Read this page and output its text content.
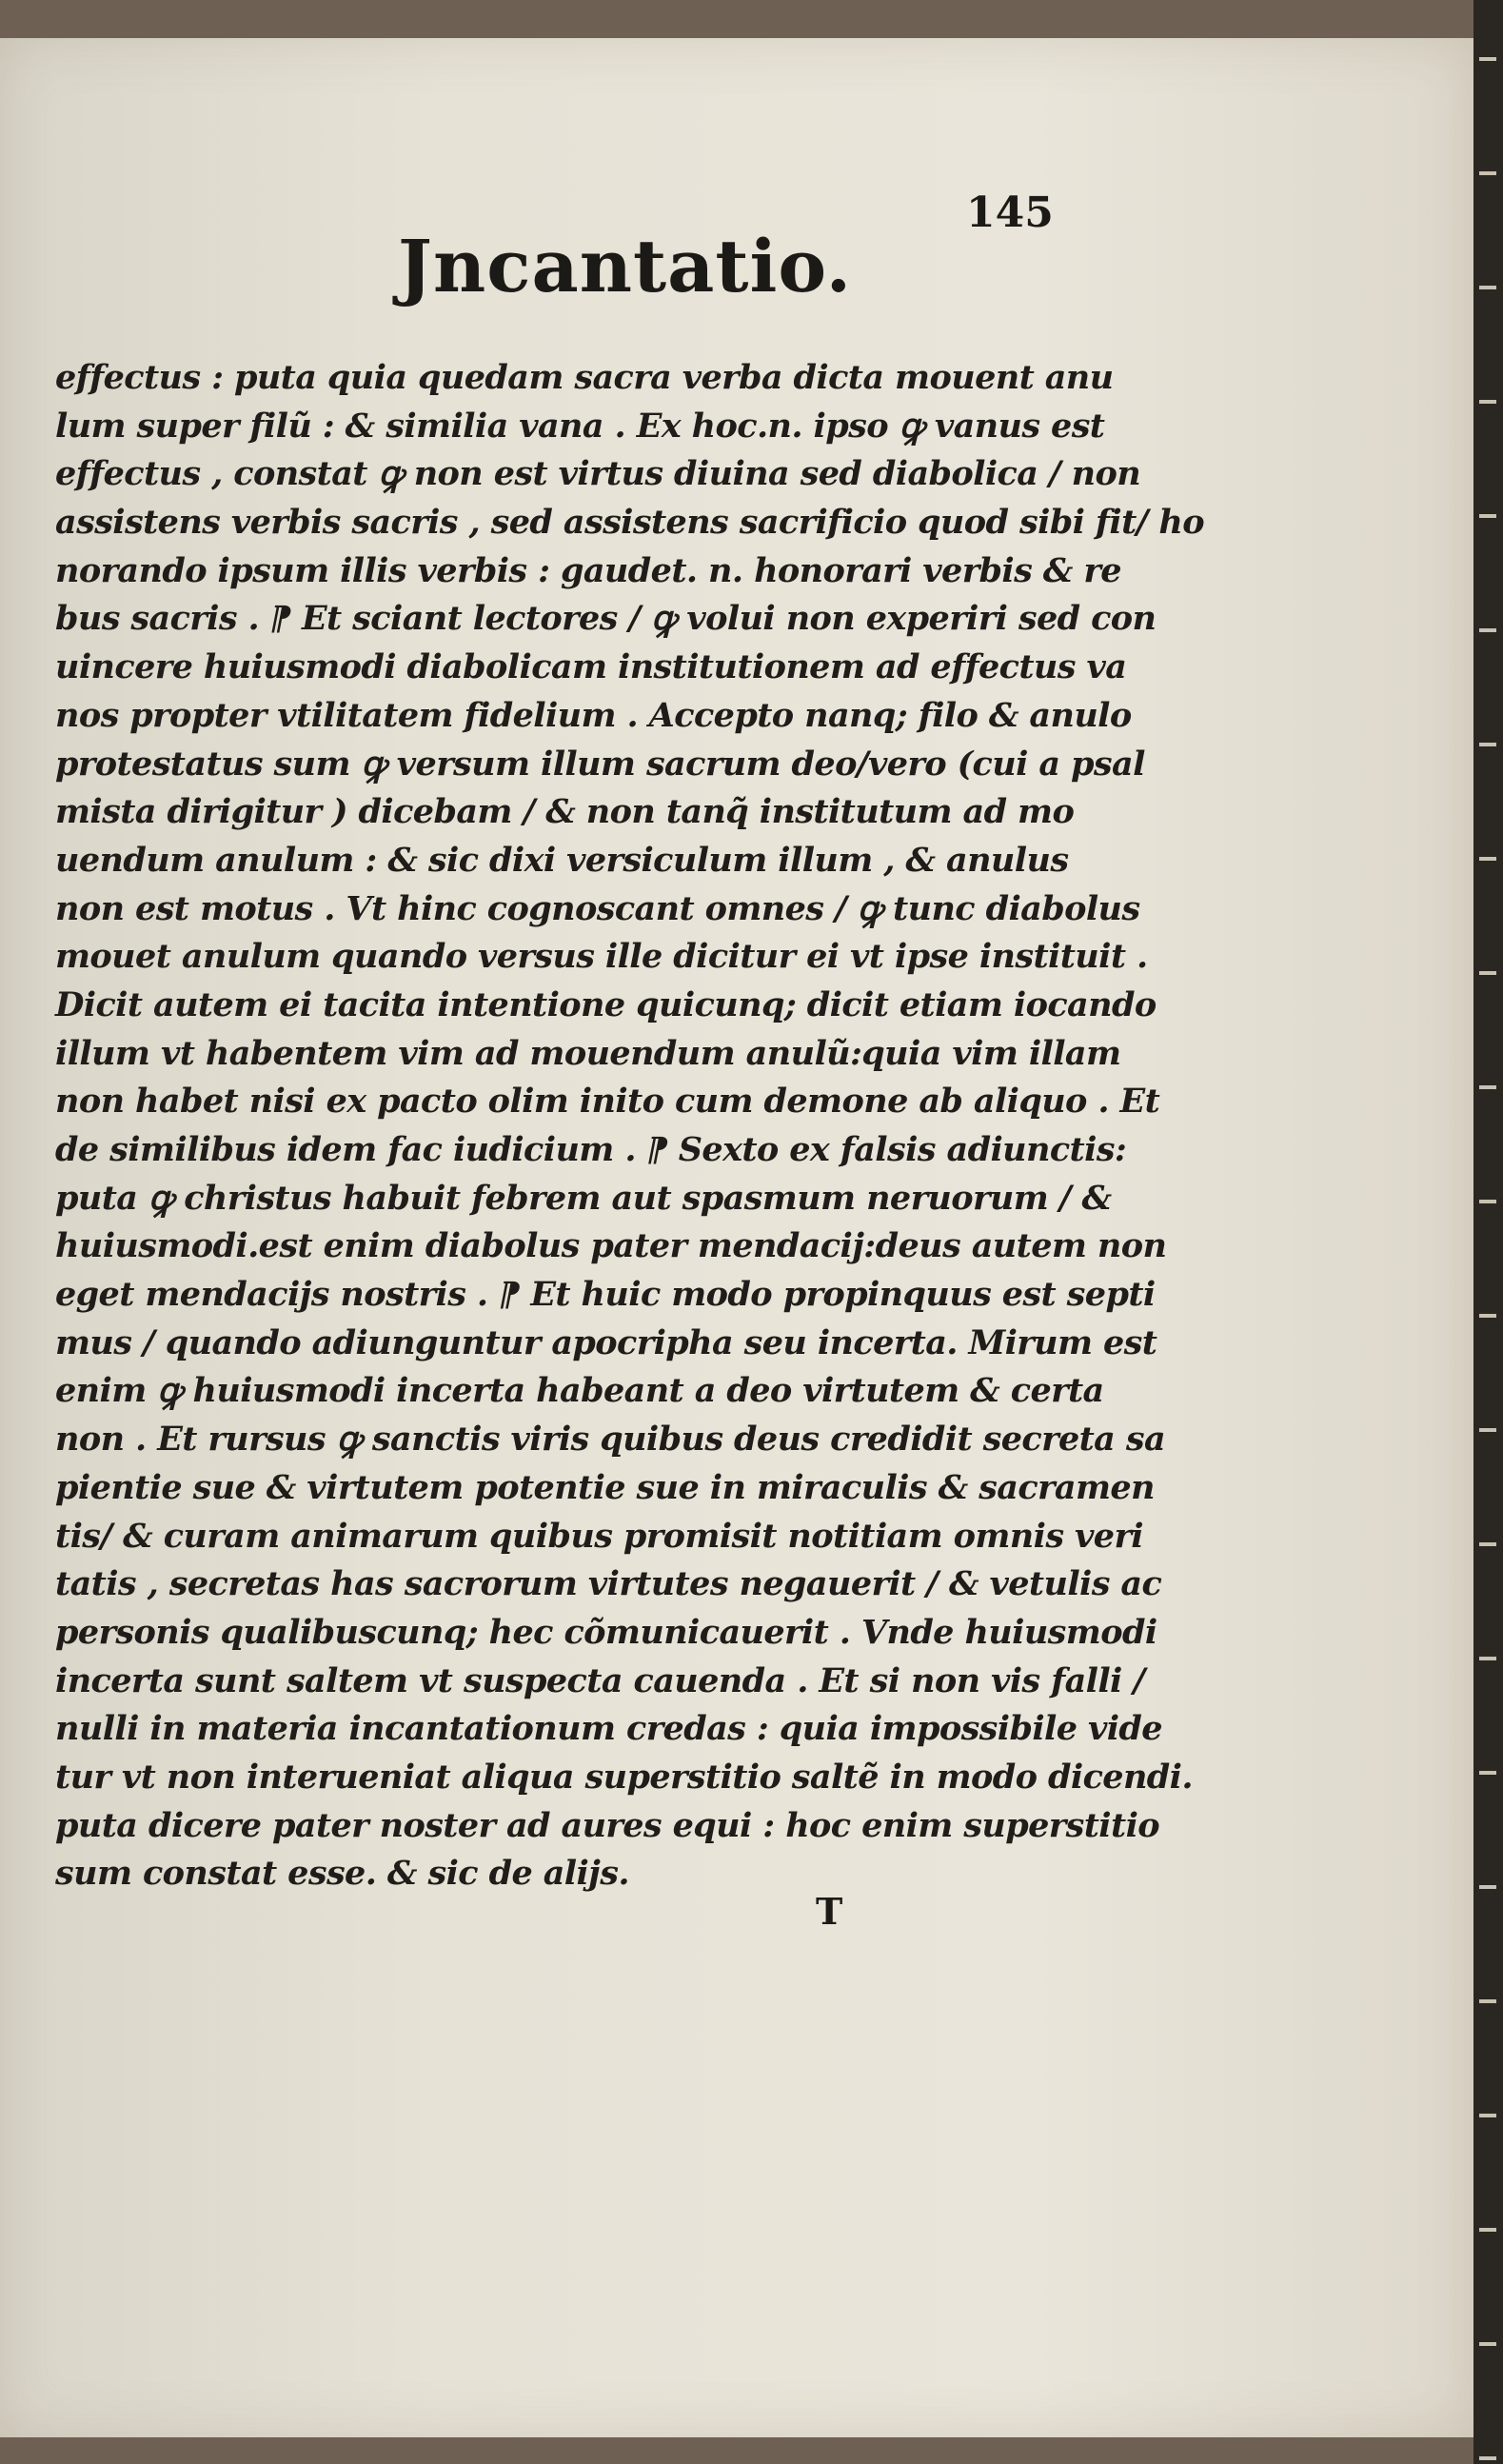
Jncantatio.
145
effectus : puta quia quedam sacra verba dicta mouent anu
lum super filũ : & similia vana . Ex hoc.n. ipso ꝙ vanus est
effectus , constat ꝙ non est virtus diuina sed diabolica / non
assistens verbis sacris , sed assistens sacrificio quod sibi fit/ ho
norando ipsum illis verbis : gaudet. n. honorari verbis & re
bus sacris . ⁋ Et sciant lectores / ꝙ volui non experiri sed con
uincere huiusmodi diabolicam institutionem ad effectus va
nos propter vtilitatem fidelium . Accepto nanq; filo & anulo
protestatus sum ꝙ versum illum sacrum deo/vero (cui a psal
mista dirigitur ) dicebam / & non tanq̃ institutum ad mo
uendum anulum : & sic dixi versiculum illum , & anulus
non est motus . Vt hinc cognoscant omnes / ꝙ tunc diabolus
mouet anulum quando versus ille dicitur ei vt ipse instituit .
Dicit autem ei tacita intentione quicunq; dicit etiam iocando
illum vt habentem vim ad mouendum anulũ:quia vim illam
non habet nisi ex pacto olim inito cum demone ab aliquo . Et
de similibus idem fac iudicium . ⁋ Sexto ex falsis adiunctis:
puta ꝙ christus habuit febrem aut spasmum neruorum / &
huiusmodi.est enim diabolus pater mendacij:deus autem non
eget mendacijs nostris . ⁋ Et huic modo propinquus est septi
mus / quando adiunguntur apocripha seu incerta. Mirum est
enim ꝙ huiusmodi incerta habeant a deo virtutem & certa
non . Et rursus ꝙ sanctis viris quibus deus credidit secreta sa
pientie sue & virtutem potentie sue in miraculis & sacramen
tis/ & curam animarum quibus promisit notitiam omnis veri
tatis , secretas has sacrorum virtutes negauerit / & vetulis ac
personis qualibuscunq; hec cõmunicauerit . Vnde huiusmodi
incerta sunt saltem vt suspecta cauenda . Et si non vis falli /
nulli in materia incantationum credas : quia impossibile vide
tur vt non interueniat aliqua superstitio saltẽ in modo dicendi.
puta dicere pater noster ad aures equi : hoc enim superstitio
sum constat esse. & sic de alijs.
T
